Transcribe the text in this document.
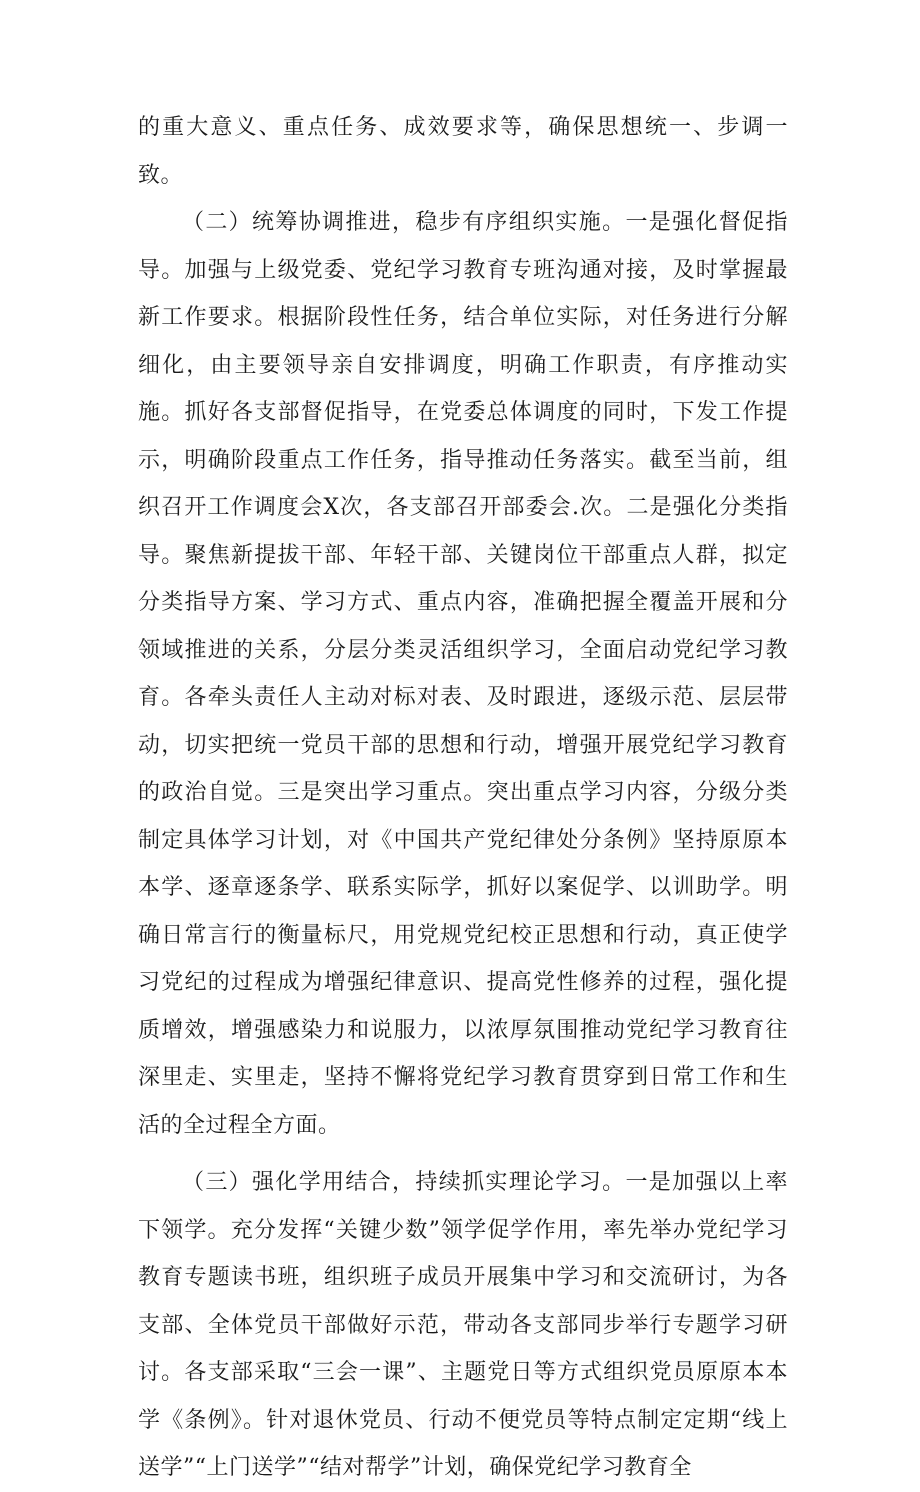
的重大意义、重点任务、成效要求等，确保思想统一、步调一致。

（二）统筹协调推进，稳步有序组织实施。一是强化督促指导。加强与上级党委、党纪学习教育专班沟通对接，及时掌握最新工作要求。根据阶段性任务，结合单位实际，对任务进行分解细化，由主要领导亲自安排调度，明确工作职责，有序推动实施。抓好各支部督促指导，在党委总体调度的同时，下发工作提示，明确阶段重点工作任务，指导推动任务落实。截至当前，组织召开工作调度会X次，各支部召开部委会.次。二是强化分类指导。聚焦新提拔干部、年轻干部、关键岗位干部重点人群，拟定分类指导方案、学习方式、重点内容，准确把握全覆盖开展和分领域推进的关系，分层分类灵活组织学习，全面启动党纪学习教育。各牵头责任人主动对标对表、及时跟进，逐级示范、层层带动，切实把统一党员干部的思想和行动，增强开展党纪学习教育的政治自觉。三是突出学习重点。突出重点学习内容，分级分类制定具体学习计划，对《中国共产党纪律处分条例》坚持原原本本学、逐章逐条学、联系实际学，抓好以案促学、以训助学。明确日常言行的衡量标尺，用党规党纪校正思想和行动，真正使学习党纪的过程成为增强纪律意识、提高党性修养的过程，强化提质增效，增强感染力和说服力，以浓厚氛围推动党纪学习教育往深里走、实里走，坚持不懈将党纪学习教育贯穿到日常工作和生活的全过程全方面。

（三）强化学用结合，持续抓实理论学习。一是加强以上率下领学。充分发挥“关键少数”领学促学作用，率先举办党纪学习教育专题读书班，组织班子成员开展集中学习和交流研讨，为各支部、全体党员干部做好示范，带动各支部同步举行专题学习研讨。各支部采取“三会一课”、主题党日等方式组织党员原原本本学《条例》。针对退休党员、行动不便党员等特点制定定期“线上送学”“上门送学”“结对帮学”计划，确保党纪学习教育全
